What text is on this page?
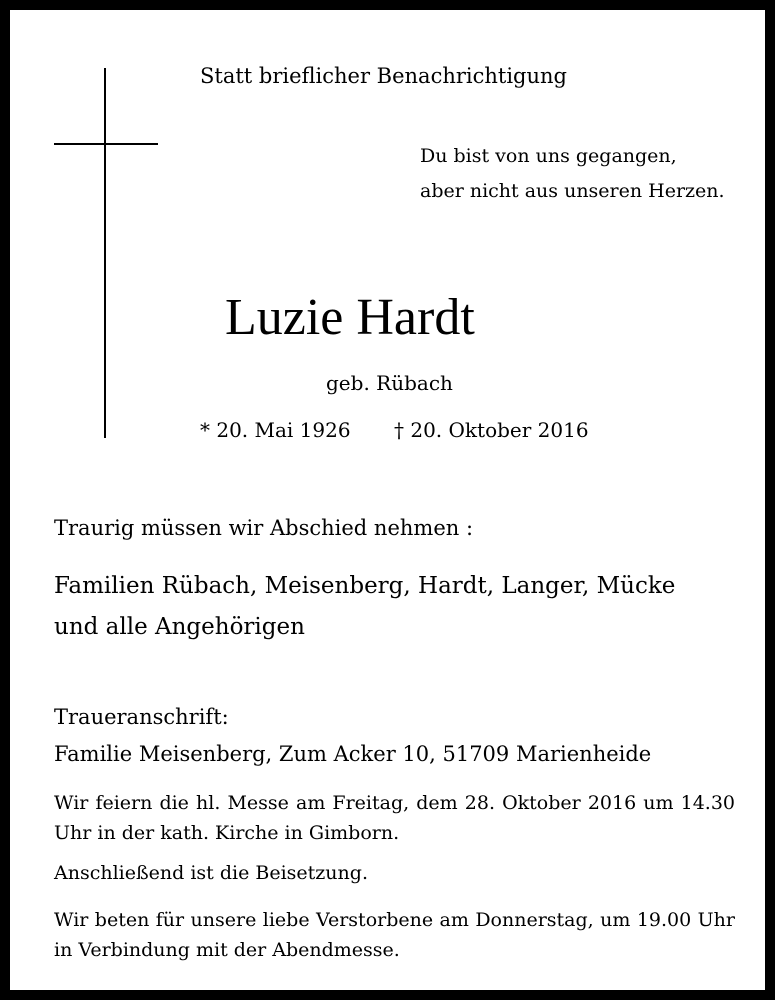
Statt brieflicher Benachrichtigung

Du bist von uns gegangen,

aber nicht aus unseren Herzen.

Luzie Hardt

geb. Rübach

* 20. Mai 1926 † 20. Oktober 2016

Traurig müssen wir Abschied nehmen :

Familien Rübach, Meisenberg, Hardt, Langer, Mücke

und alle Angehörigen

Traueranschrift:

Familie Meisenberg, Zum Acker 10, 51709 Marienheide

Wir feiern die hl. Messe am Freitag, dem 28. Oktober 2016 um 14.30 Uhr in der kath. Kirche in Gimborn.

Anschließend ist die Beisetzung.

Wir beten für unsere liebe Verstorbene am Donnerstag, um 19.00 Uhr in Verbindung mit der Abendmesse.
